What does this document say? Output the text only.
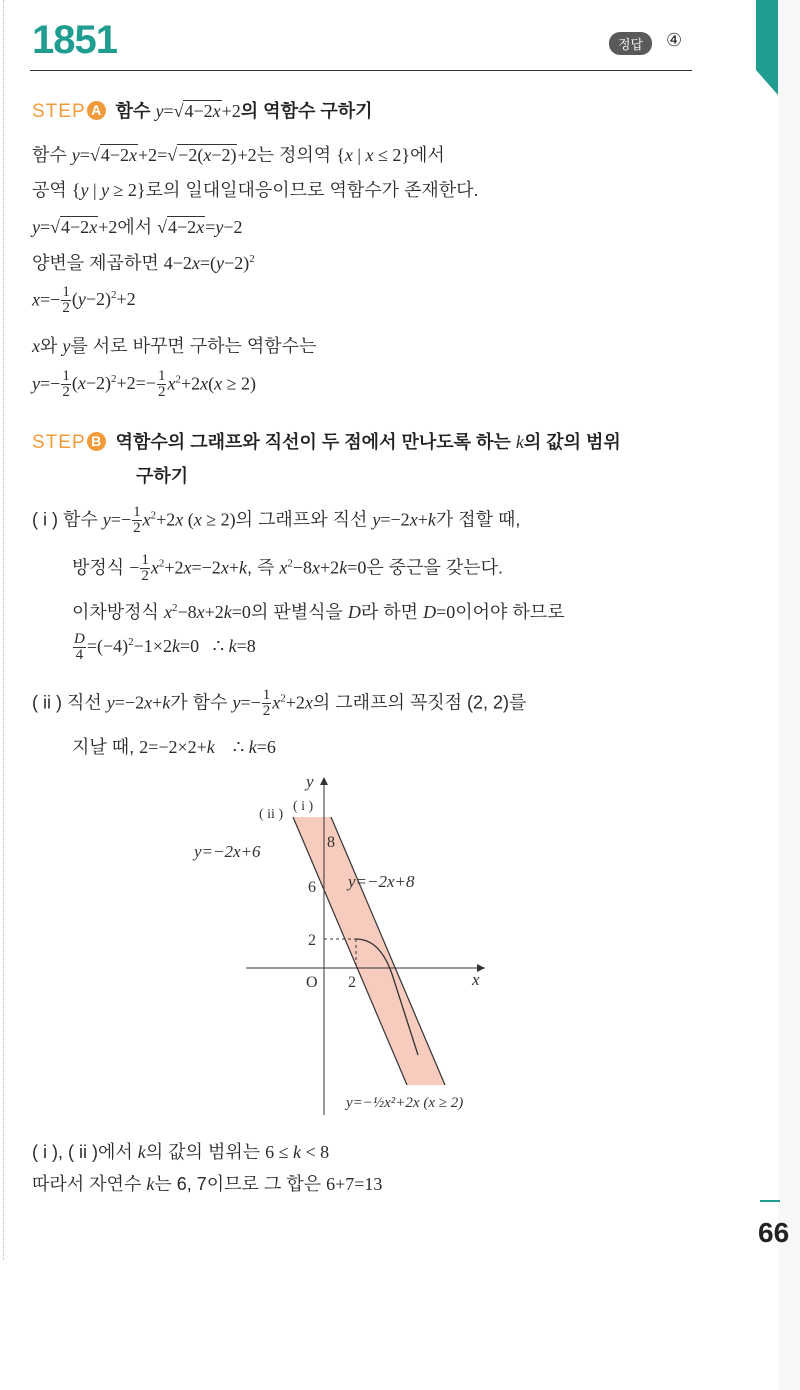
1851	정답	④
STEP A 함수 y=√4−2x+2의 역함수 구하기
함수 y=√4−2x+2=√−2(x−2)+2는 정의역 {x | x ≤ 2}에서
공역 {y | y ≥ 2}로의 일대일대응이므로 역함수가 존재한다.
y=√4−2x+2에서 √4−2x=y−2
양변을 제곱하면 $4-2x=(y-2)^2$
$x=- \frac{1}{2} (y-2)^2+2$
x와 y를 서로 바꾸면 구하는 역함수는
$y=- \frac{1}{2} (x-2)^2+2=- \frac{1}{2} x^2+2x(x \ge 2)$
STEP B 역함수의 그래프와 직선이 두 점에서 만나도록 하는 k의 값의 범위
구하기
( i ) 함수 $y=- \frac{1}{2} x^2+2x$ (x ≥ 2)의 그래프와 직선 y=−2x+k가 접할 때,
방정식 − $\frac{1}{2} x^2+2x=-2x+k$, 즉 $x^2-8x+2k=0$은 중근을 갖는다.
이차방정식 $x^2-8x+2k=0$의 판별식을 D라 하면 D=0이어야 하므로
$\frac{D}{4} =(-4)^2-1\times 2k=0$   ∴ k=8
( ii ) 직선 y=−2x+k가 함수 $y=- \frac{1}{2} x^2+2x$의 그래프의 꼭짓점 (2, 2)를
지날 때, 2=−2×2+k    ∴ k=6
y
x
O
8
6
2
2
( ii )
( i )
y=−2x+6
y=−2x+8
y=−½x²+2x (x ≥ 2)
( i ), ( ii )에서 k의 값의 범위는 6 ≤ k < 8
따라서 자연수 k는 6, 7이므로 그 합은 6+7=13
66
